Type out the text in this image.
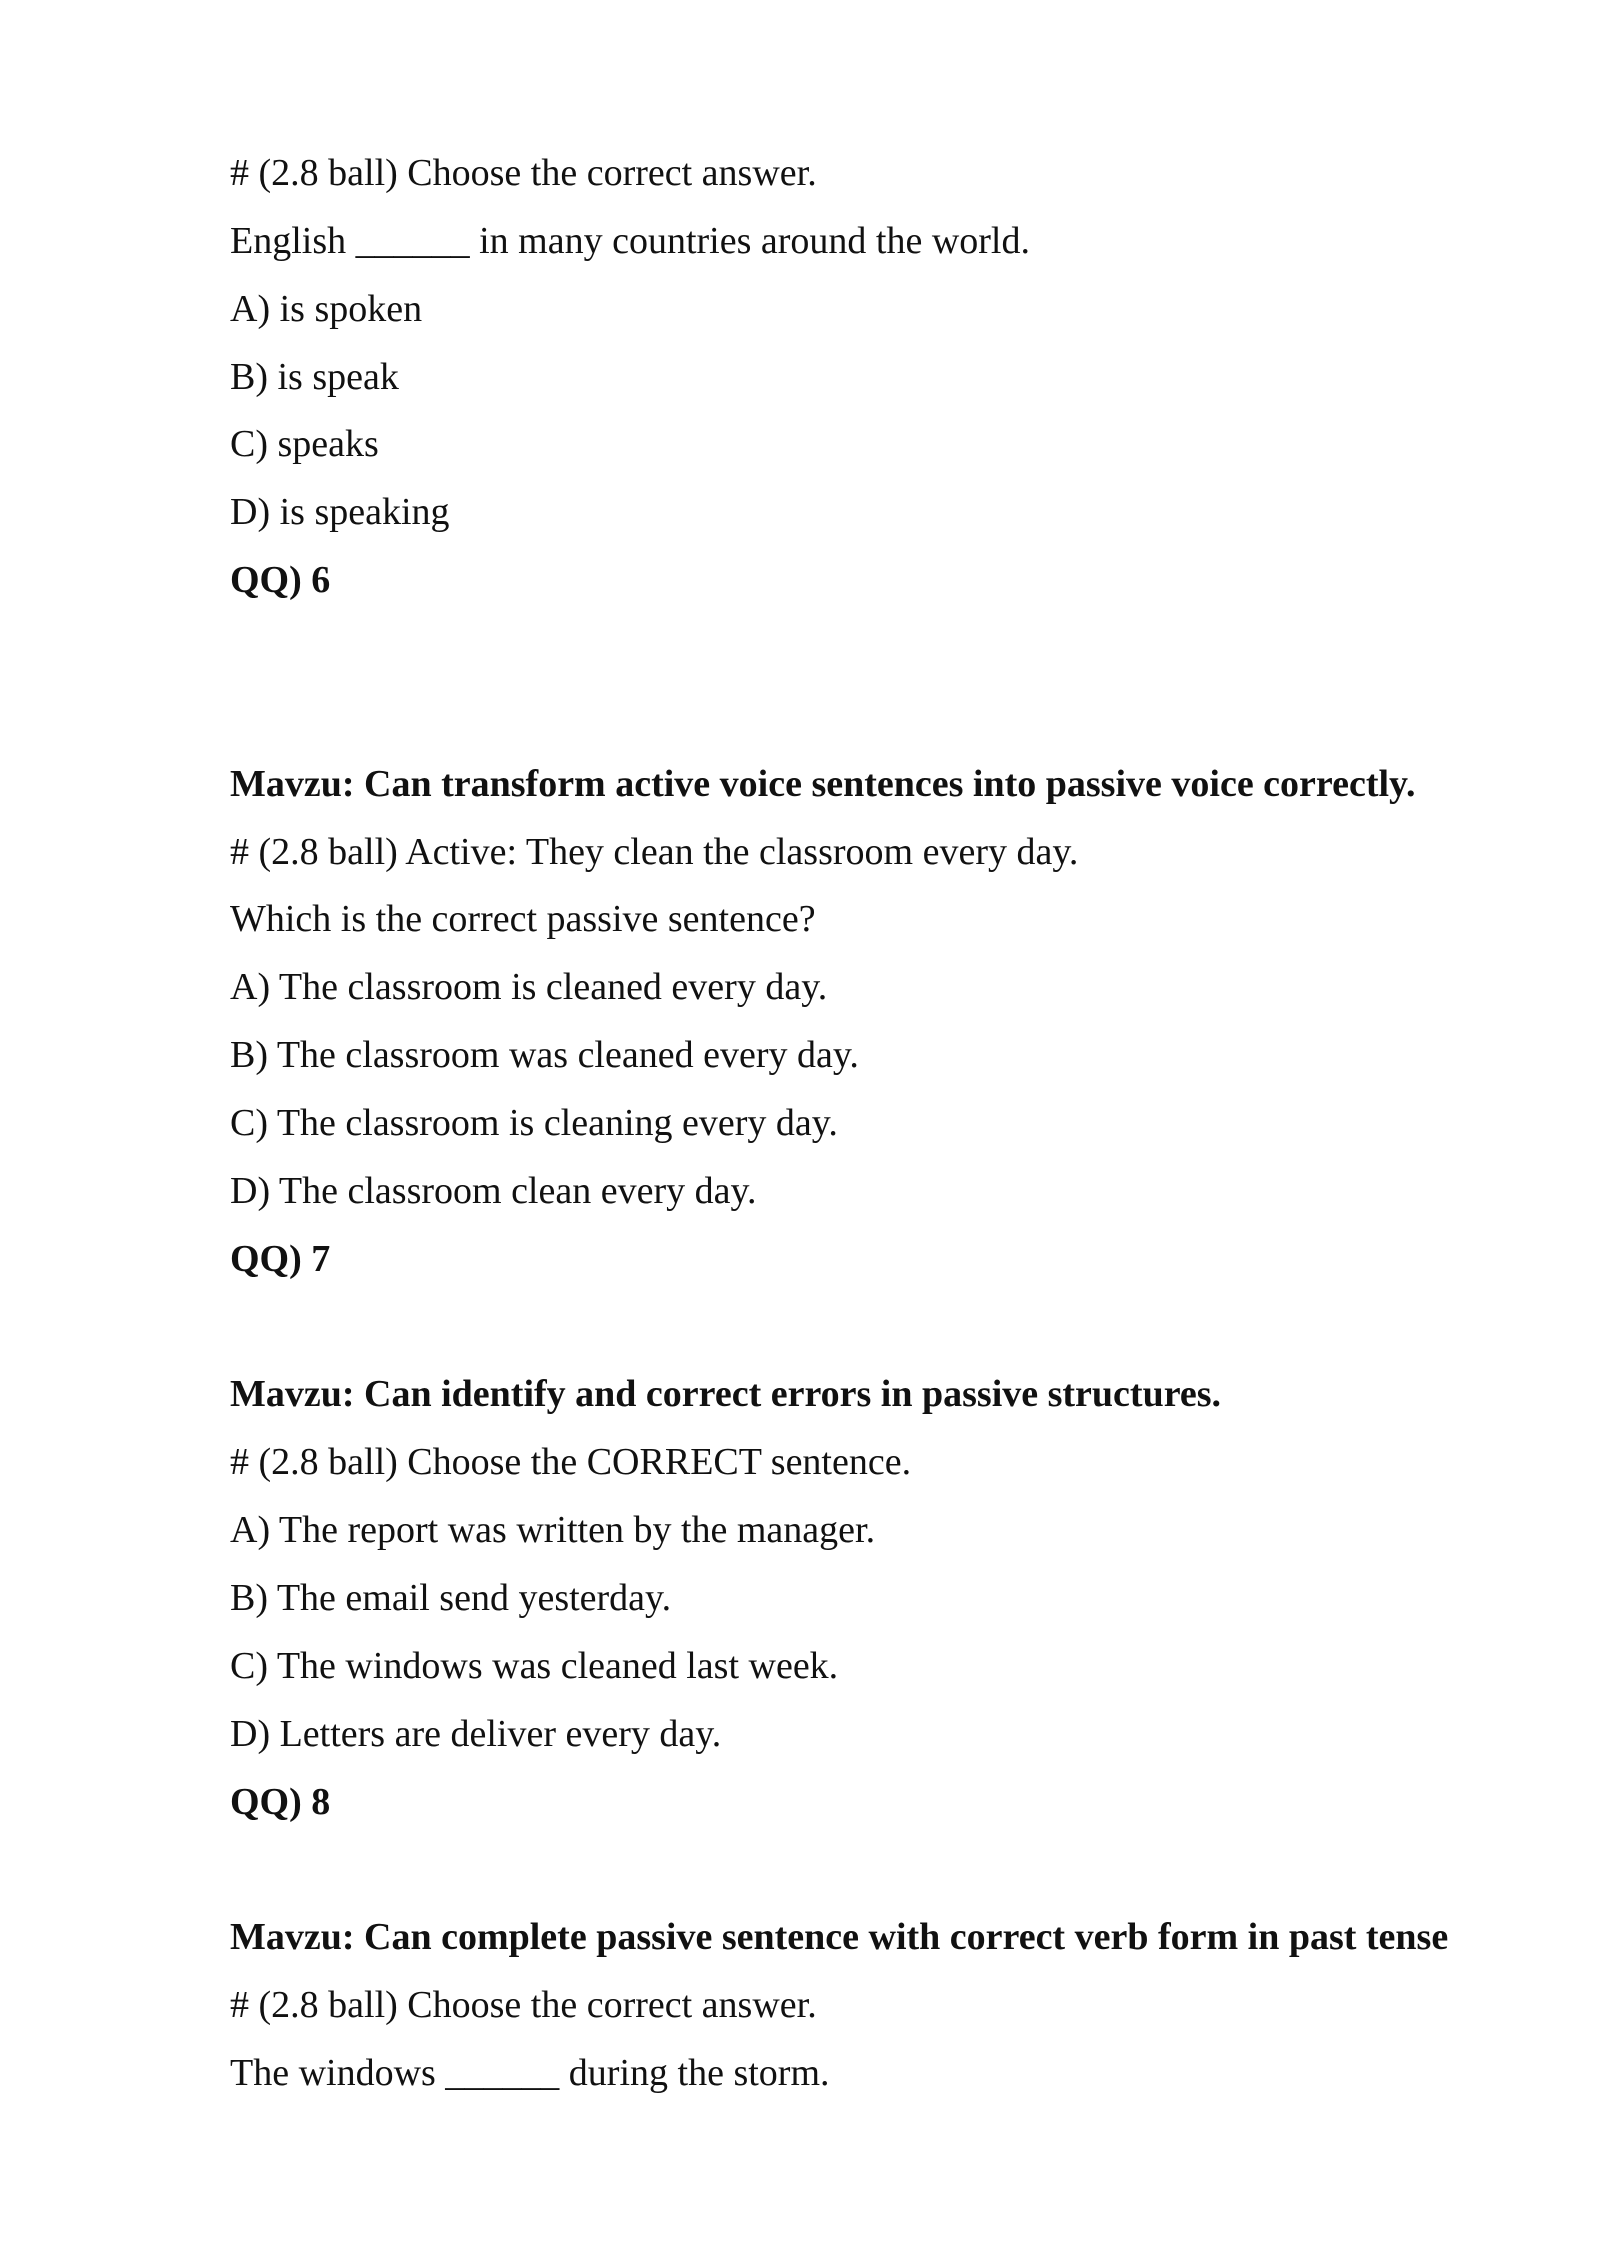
# (2.8 ball) Choose the correct answer.
English ______ in many countries around the world.
A) is spoken
B) is speak
C) speaks
D) is speaking
QQ) 6
Mavzu: Can transform active voice sentences into passive voice correctly.
# (2.8 ball) Active: They clean the classroom every day.
Which is the correct passive sentence?
A) The classroom is cleaned every day.
B) The classroom was cleaned every day.
C) The classroom is cleaning every day.
D) The classroom clean every day.
QQ) 7
Mavzu: Can identify and correct errors in passive structures.
# (2.8 ball) Choose the CORRECT sentence.
A) The report was written by the manager.
B) The email send yesterday.
C) The windows was cleaned last week.
D) Letters are deliver every day.
QQ) 8
Mavzu: Can complete passive sentence with correct verb form in past tense
# (2.8 ball) Choose the correct answer.
The windows ______ during the storm.
